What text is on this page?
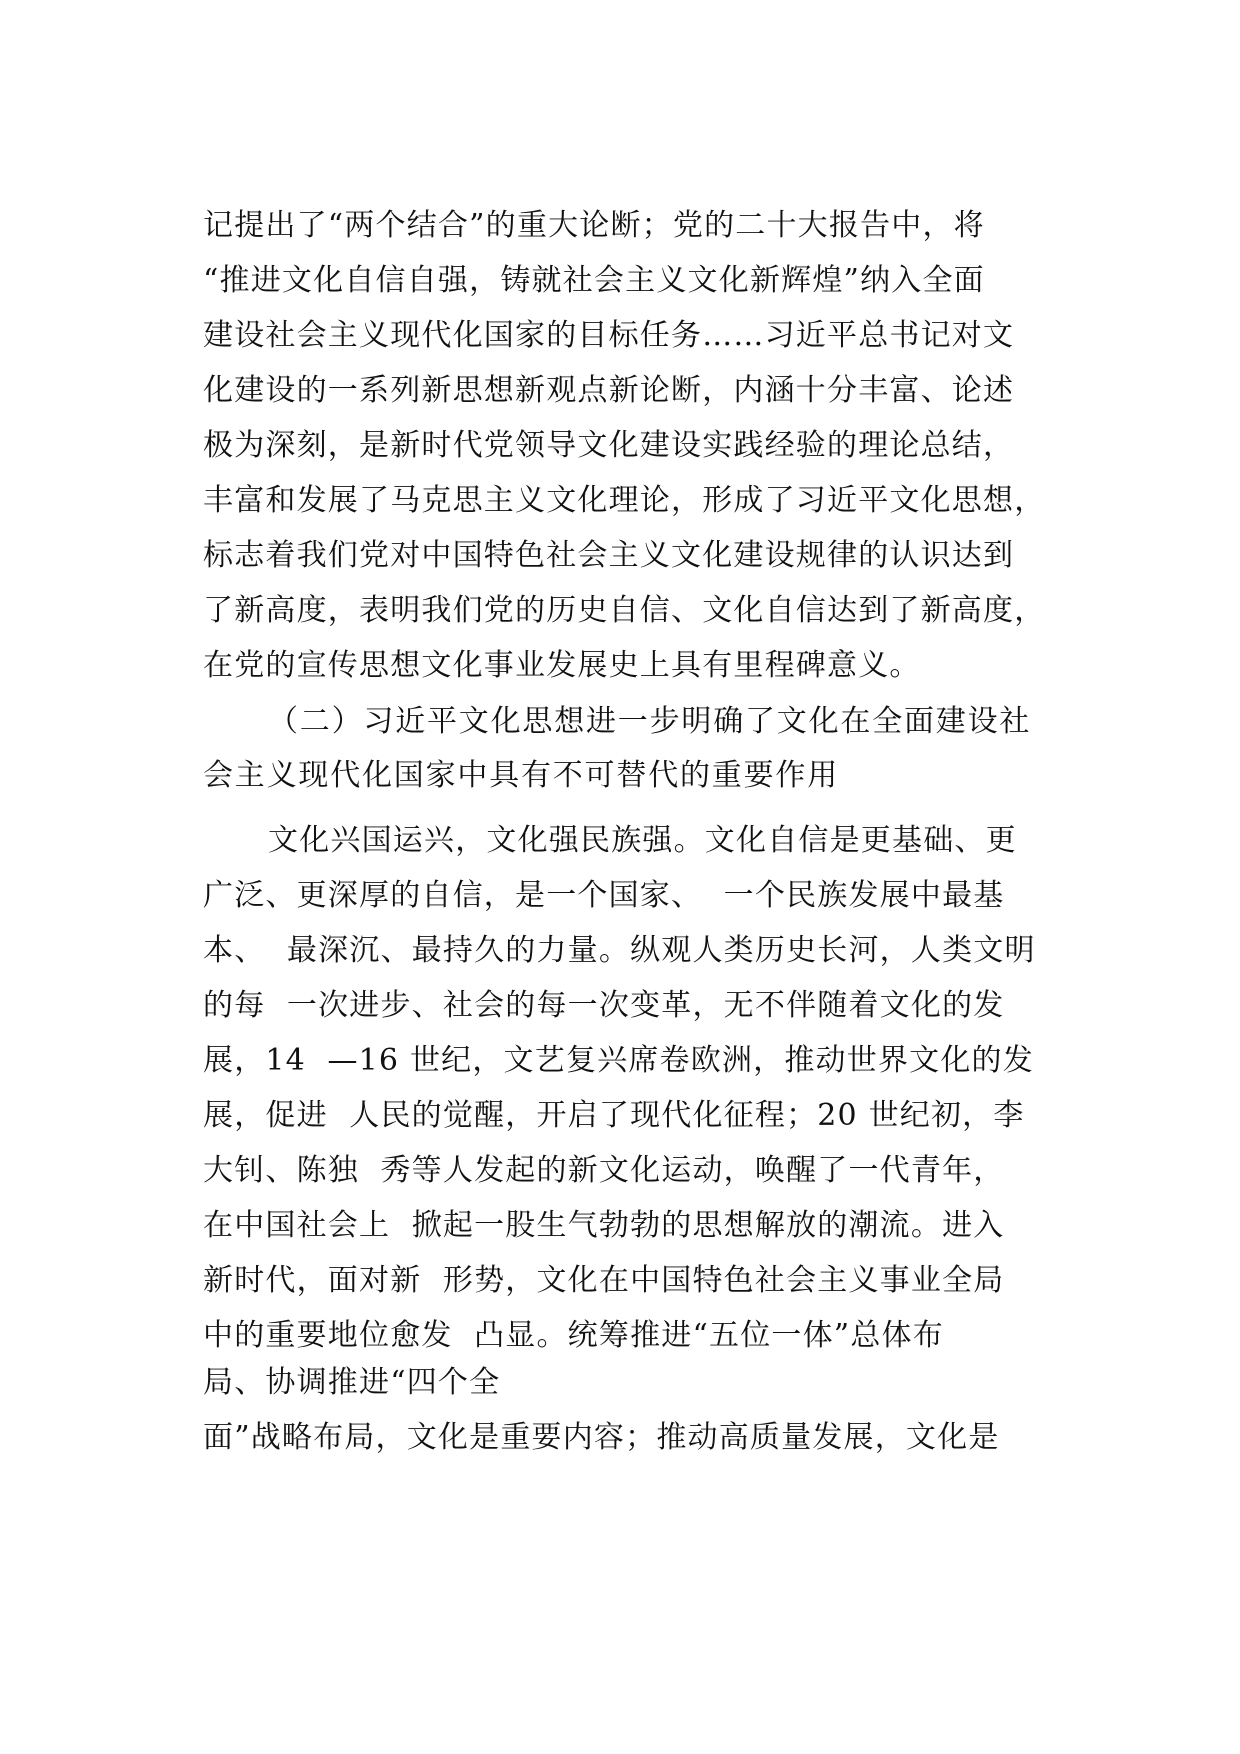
记提出了“两个结合”的重大论断；党的二十大报告中，将
“推进文化自信自强，铸就社会主义文化新辉煌”纳入全面
建设社会主义现代化国家的目标任务……习近平总书记对文
化建设的一系列新思想新观点新论断，内涵十分丰富、论述
极为深刻，是新时代党领导文化建设实践经验的理论总结，
丰富和发展了马克思主义文化理论，形成了习近平文化思想，
标志着我们党对中国特色社会主义文化建设规律的认识达到
了新高度，表明我们党的历史自信、文化自信达到了新高度，
在党的宣传思想文化事业发展史上具有里程碑意义。
（二）习近平文化思想进一步明确了文化在全面建设社
会主义现代化国家中具有不可替代的重要作用
文化兴国运兴，文化强民族强。文化自信是更基础、更
广泛、更深厚的自信，是一个国家、  一个民族发展中最基
本、  最深沉、最持久的力量。纵观人类历史长河，人类文明
的每  一次进步、社会的每一次变革，无不伴随着文化的发
展，14  —16 世纪，文艺复兴席卷欧洲，推动世界文化的发
展，促进  人民的觉醒，开启了现代化征程；20 世纪初，李
大钊、陈独  秀等人发起的新文化运动，唤醒了一代青年，
在中国社会上  掀起一股生气勃勃的思想解放的潮流。进入
新时代，面对新  形势，文化在中国特色社会主义事业全局
中的重要地位愈发  凸显。统筹推进“五位一体”总体布
局、协调推进“四个全
面”战略布局，文化是重要内容；推动高质量发展，文化是
